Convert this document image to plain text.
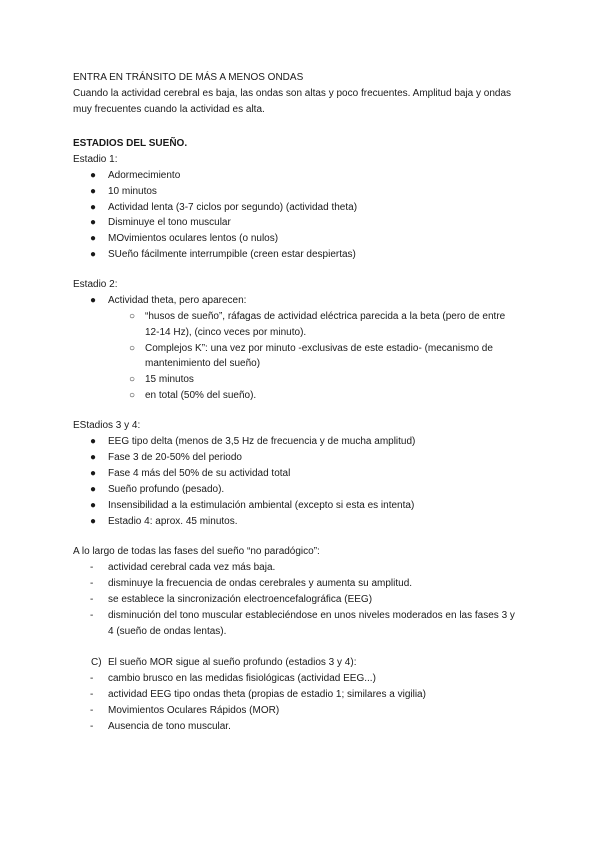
ENTRA EN TRÁNSITO DE MÁS A MENOS ONDAS
Cuando la actividad cerebral es baja, las ondas son altas y poco frecuentes. Amplitud baja y ondas
muy frecuentes cuando la actividad es alta.
ESTADIOS DEL SUEÑO.
Estadio 1:
● Adormecimiento
● 10 minutos
● Actividad lenta (3-7 ciclos por segundo) (actividad theta)
● Disminuye el tono muscular
● MOvimientos oculares lentos (o nulos)
● SUeño fácilmente interrumpible (creen estar despiertas)
Estadio 2:
● Actividad theta, pero aparecen:
○ “husos de sueño”, ráfagas de actividad eléctrica parecida a la beta (pero de entre
12-14 Hz), (cinco veces por minuto).
○ Complejos K”: una vez por minuto -exclusivas de este estadio- (mecanismo de
mantenimiento del sueño)
○ 15 minutos
○ en total (50% del sueño).
EStadios 3 y 4:
● EEG tipo delta (menos de 3,5 Hz de frecuencia y de mucha amplitud)
● Fase 3 de 20-50% del periodo
● Fase 4 más del 50% de su actividad total
● Sueño profundo (pesado).
● Insensibilidad a la estimulación ambiental (excepto si esta es intenta)
● Estadio 4: aprox. 45 minutos.
A lo largo de todas las fases del sueño “no paradógico”:
- actividad cerebral cada vez más baja.
- disminuye la frecuencia de ondas cerebrales y aumenta su amplitud.
- se establece la sincronización electroencefalográfica (EEG)
- disminución del tono muscular estableciéndose en unos niveles moderados en las fases 3 y
4 (sueño de ondas lentas).
C) El sueño MOR sigue al sueño profundo (estadios 3 y 4):
- cambio brusco en las medidas fisiológicas (actividad EEG...)
- actividad EEG tipo ondas theta (propias de estadio 1; similares a vigilia)
- Movimientos Oculares Rápidos (MOR)
- Ausencia de tono muscular.
